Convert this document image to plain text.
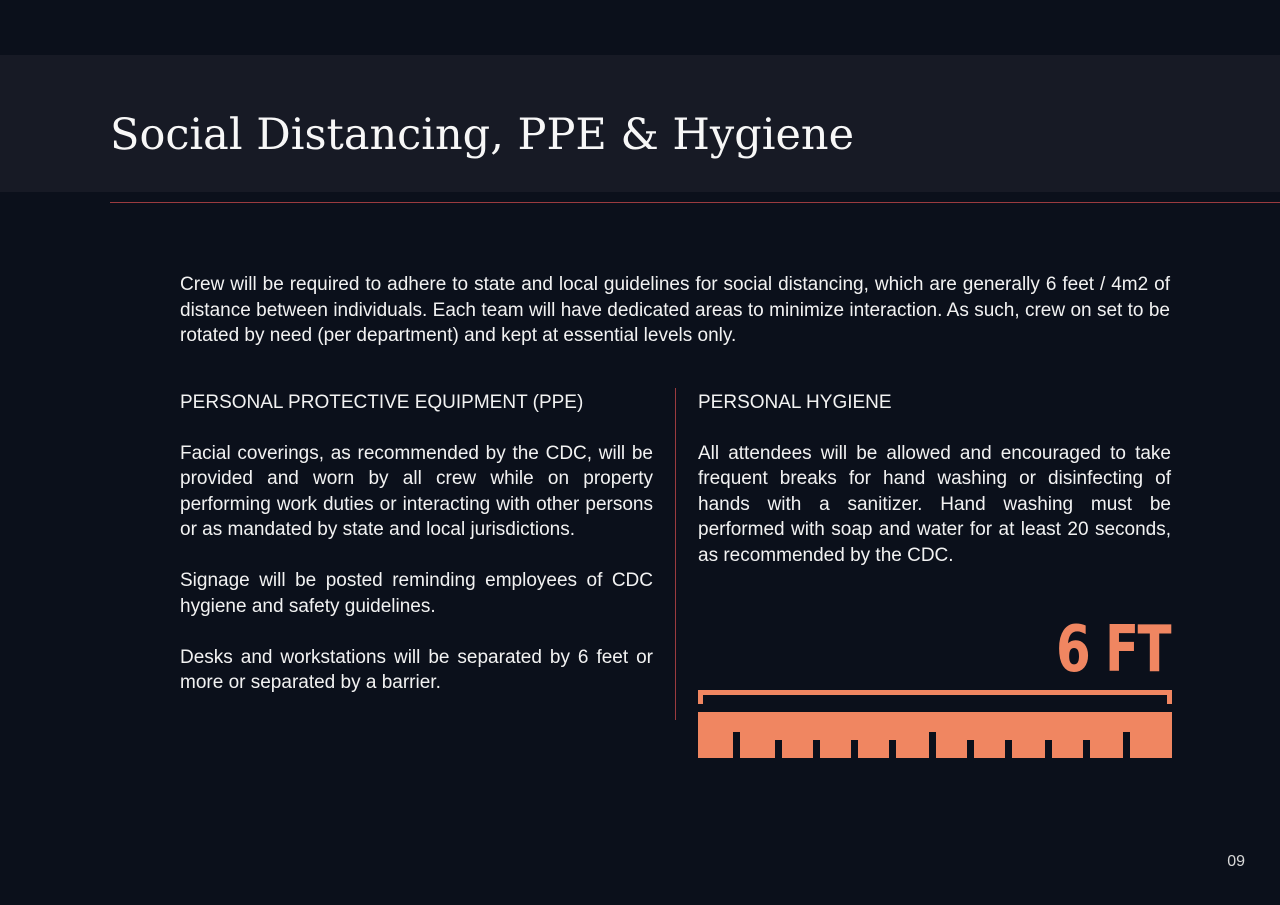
Social Distancing, PPE & Hygiene

Crew will be required to adhere to state and local guidelines for social distancing, which are generally 6 feet / 4m2 of distance between individuals. Each team will have dedicated areas to minimize interaction. As such, crew on set to be rotated by need (per department) and kept at essential levels only.

PERSONAL PROTECTIVE EQUIPMENT (PPE)

Facial coverings, as recommended by the CDC, will be provided and worn by all crew while on property performing work duties or interacting with other persons or as mandated by state and local jurisdictions.

Signage will be posted reminding employees of CDC hygiene and safety guidelines.

Desks and workstations will be separated by 6 feet or more or separated by a barrier.

PERSONAL HYGIENE

All attendees will be allowed and encouraged to take frequent breaks for hand washing or disinfecting of hands with a sanitizer. Hand washing must be performed with soap and water for at least 20 seconds, as recommended by the CDC.

6 FT
09
